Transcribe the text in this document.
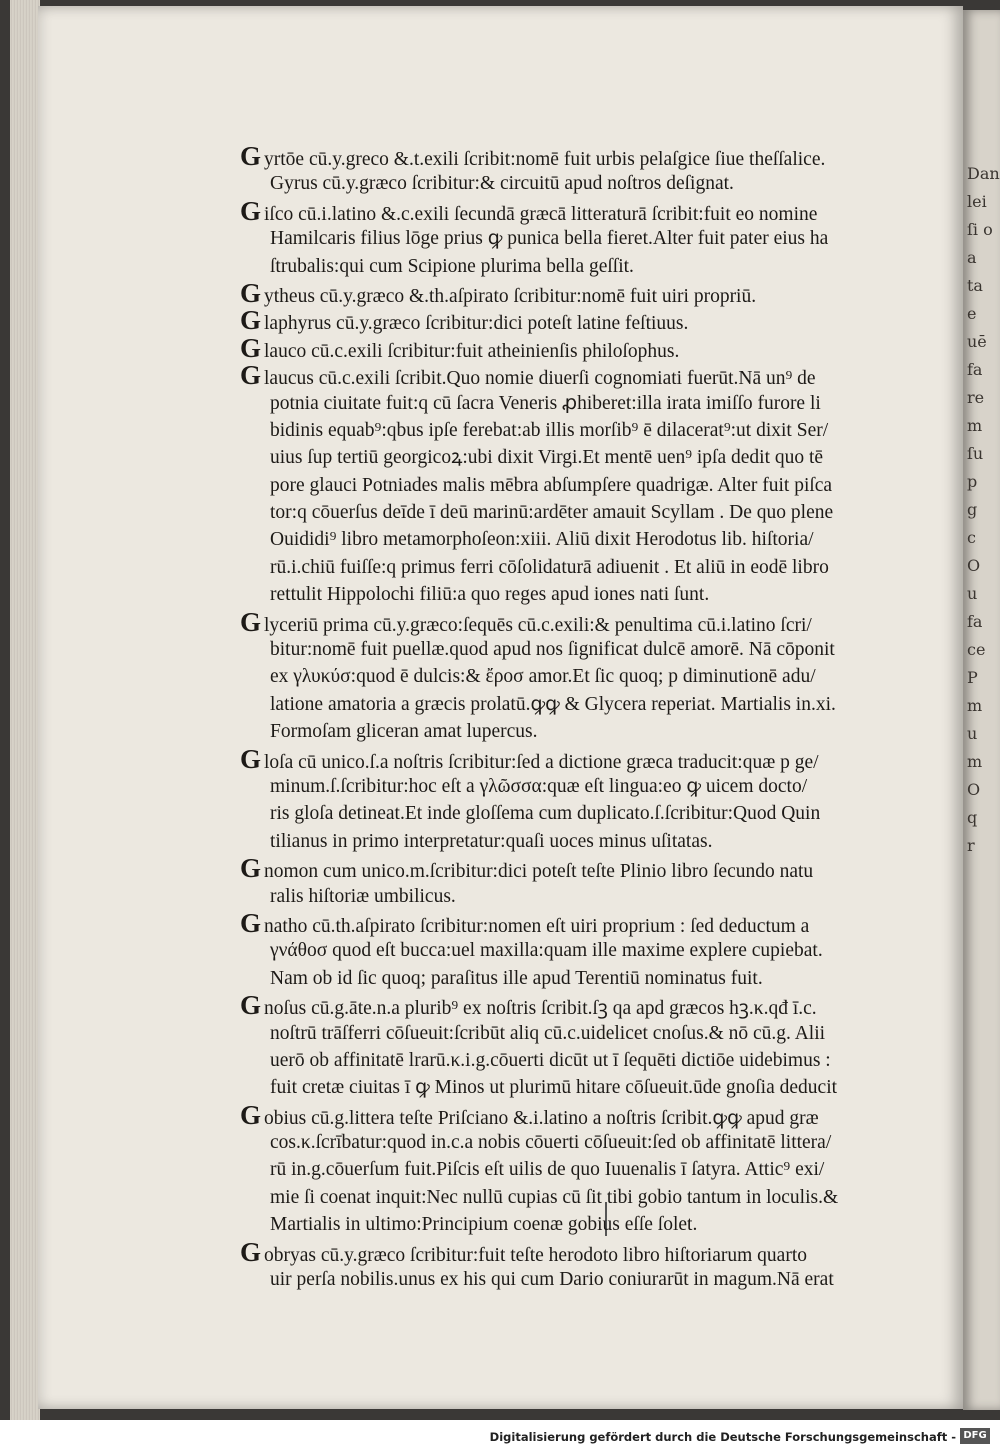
Dan
lei
ſi o
a
ta
e
uē
fa
re
m
ſu
p
g
c
O
u
fa
ce
P
m
u
m
O
q
r
G yrtōe cū.y.greco &.t.exili ſcribit:nomē fuit urbis pelaſgice ſiue theſſalice.
Gyrus cū.y.græco ſcribitur:& circuitū apud noſtros deſignat.
G iſco cū.i.latino &.c.exili ſecundā græcā litteraturā ſcribit:fuit eo nomine
Hamilcaris filius lōge prius ꝙ punica bella fieret.Alter fuit pater eius ha
ſtrubalis:qui cum Scipione plurima bella geſſit.
G ytheus cū.y.græco &.th.aſpirato ſcribitur:nomē fuit uiri propriū.
G laphyrus cū.y.græco ſcribitur:dici poteſt latine feſtiuus.
G lauco cū.c.exili ſcribitur:fuit atheinienſis philoſophus.
G laucus cū.c.exili ſcribit.Quo nomie diuerſi cognomiati fuerūt.Nā un⁹ de
potnia ciuitate fuit:q cū ſacra Veneris ꝓhiberet:illa irata imiſſo furore li
bidinis equab⁹:qbus ipſe ferebat:ab illis morſib⁹ ē dilacerat⁹:ut dixit Ser/
uius ſup tertiū georgicoꝝ:ubi dixit Virgi.Et mentē uen⁹ ipſa dedit quo tē
pore glauci Potniades malis mēbra abſumpſere quadrigæ. Alter fuit piſca
tor:q cōuerſus deīde ī deū marinū:ardēter amauit Scyllam . De quo plene
Ouididi⁹ libro metamorphoſeon:xiii. Aliū dixit Herodotus lib. hiſtoria/
rū.i.chiū fuiſſe:q primus ferri cōſolidaturā adiuenit . Et aliū in eodē libro
rettulit Hippolochi filiū:a quo reges apud iones nati ſunt.
G lyceriū prima cū.y.græco:ſequēs cū.c.exili:& penultima cū.i.latino ſcri/
bitur:nomē fuit puellæ.quod apud nos ſignificat dulcē amorē. Nā cōponit
ex γλυκύσ:quod ē dulcis:& ἔροσ amor.Et ſic quoq; p diminutionē adu/
latione amatoria a græcis prolatū.ꝙꝙ & Glycera reperiat. Martialis in.xi.
Formoſam gliceran amat lupercus.
G loſa cū unico.ſ.a noſtris ſcribitur:ſed a dictione græca traducit:quæ p ge/
minum.ſ.ſcribitur:hoc eſt a γλῶσσα:quæ eſt lingua:eo ꝙ uicem docto/
ris gloſa detineat.Et inde gloſſema cum duplicato.ſ.ſcribitur:Quod Quin
tilianus in primo interpretatur:quaſi uoces minus uſitatas.
G nomon cum unico.m.ſcribitur:dici poteſt teſte Plinio libro ſecundo natu
ralis hiſtoriæ umbilicus.
G natho cū.th.aſpirato ſcribitur:nomen eſt uiri proprium : ſed deductum a
γνάθοσ quod eſt bucca:uel maxilla:quam ille maxime explere cupiebat.
Nam ob id ſic quoq; paraſitus ille apud Terentiū nominatus fuit.
G noſus cū.g.āte.n.a plurib⁹ ex noſtris ſcribit.ſꝫ qa apd græcos hꝫ.κ.qđ ī.c.
noſtrū trāſferri cōſueuit:ſcribūt aliq cū.c.uidelicet cnoſus.& nō cū.g. Alii
uerō ob affinitatē lrarū.κ.i.g.cōuerti dicūt ut ī ſequēti dictiōe uidebimus :
fuit cretæ ciuitas ī ꝙ Minos ut plurimū hitare cōſueuit.ūde gnoſia deducit
G obius cū.g.littera teſte Priſciano &.i.latino a noſtris ſcribit.ꝙꝙ apud græ
cos.κ.ſcrībatur:quod in.c.a nobis cōuerti cōſueuit:ſed ob affinitatē littera/
rū in.g.cōuerſum fuit.Piſcis eſt uilis de quo Iuuenalis ī ſatyra. Attic⁹ exi/
mie ſi coenat inquit:Nec nullū cupias cū ſit tibi gobio tantum in loculis.&
Martialis in ultimo:Principium coenæ gobius eſſe ſolet.
G obryas cū.y.græco ſcribitur:fuit teſte herodoto libro hiſtoriarum quarto
uir perſa nobilis.unus ex his qui cum Dario coniurarūt in magum.Nā erat
Digitalisierung gefördert durch die Deutsche Forschungsgemeinschaft - DFG
